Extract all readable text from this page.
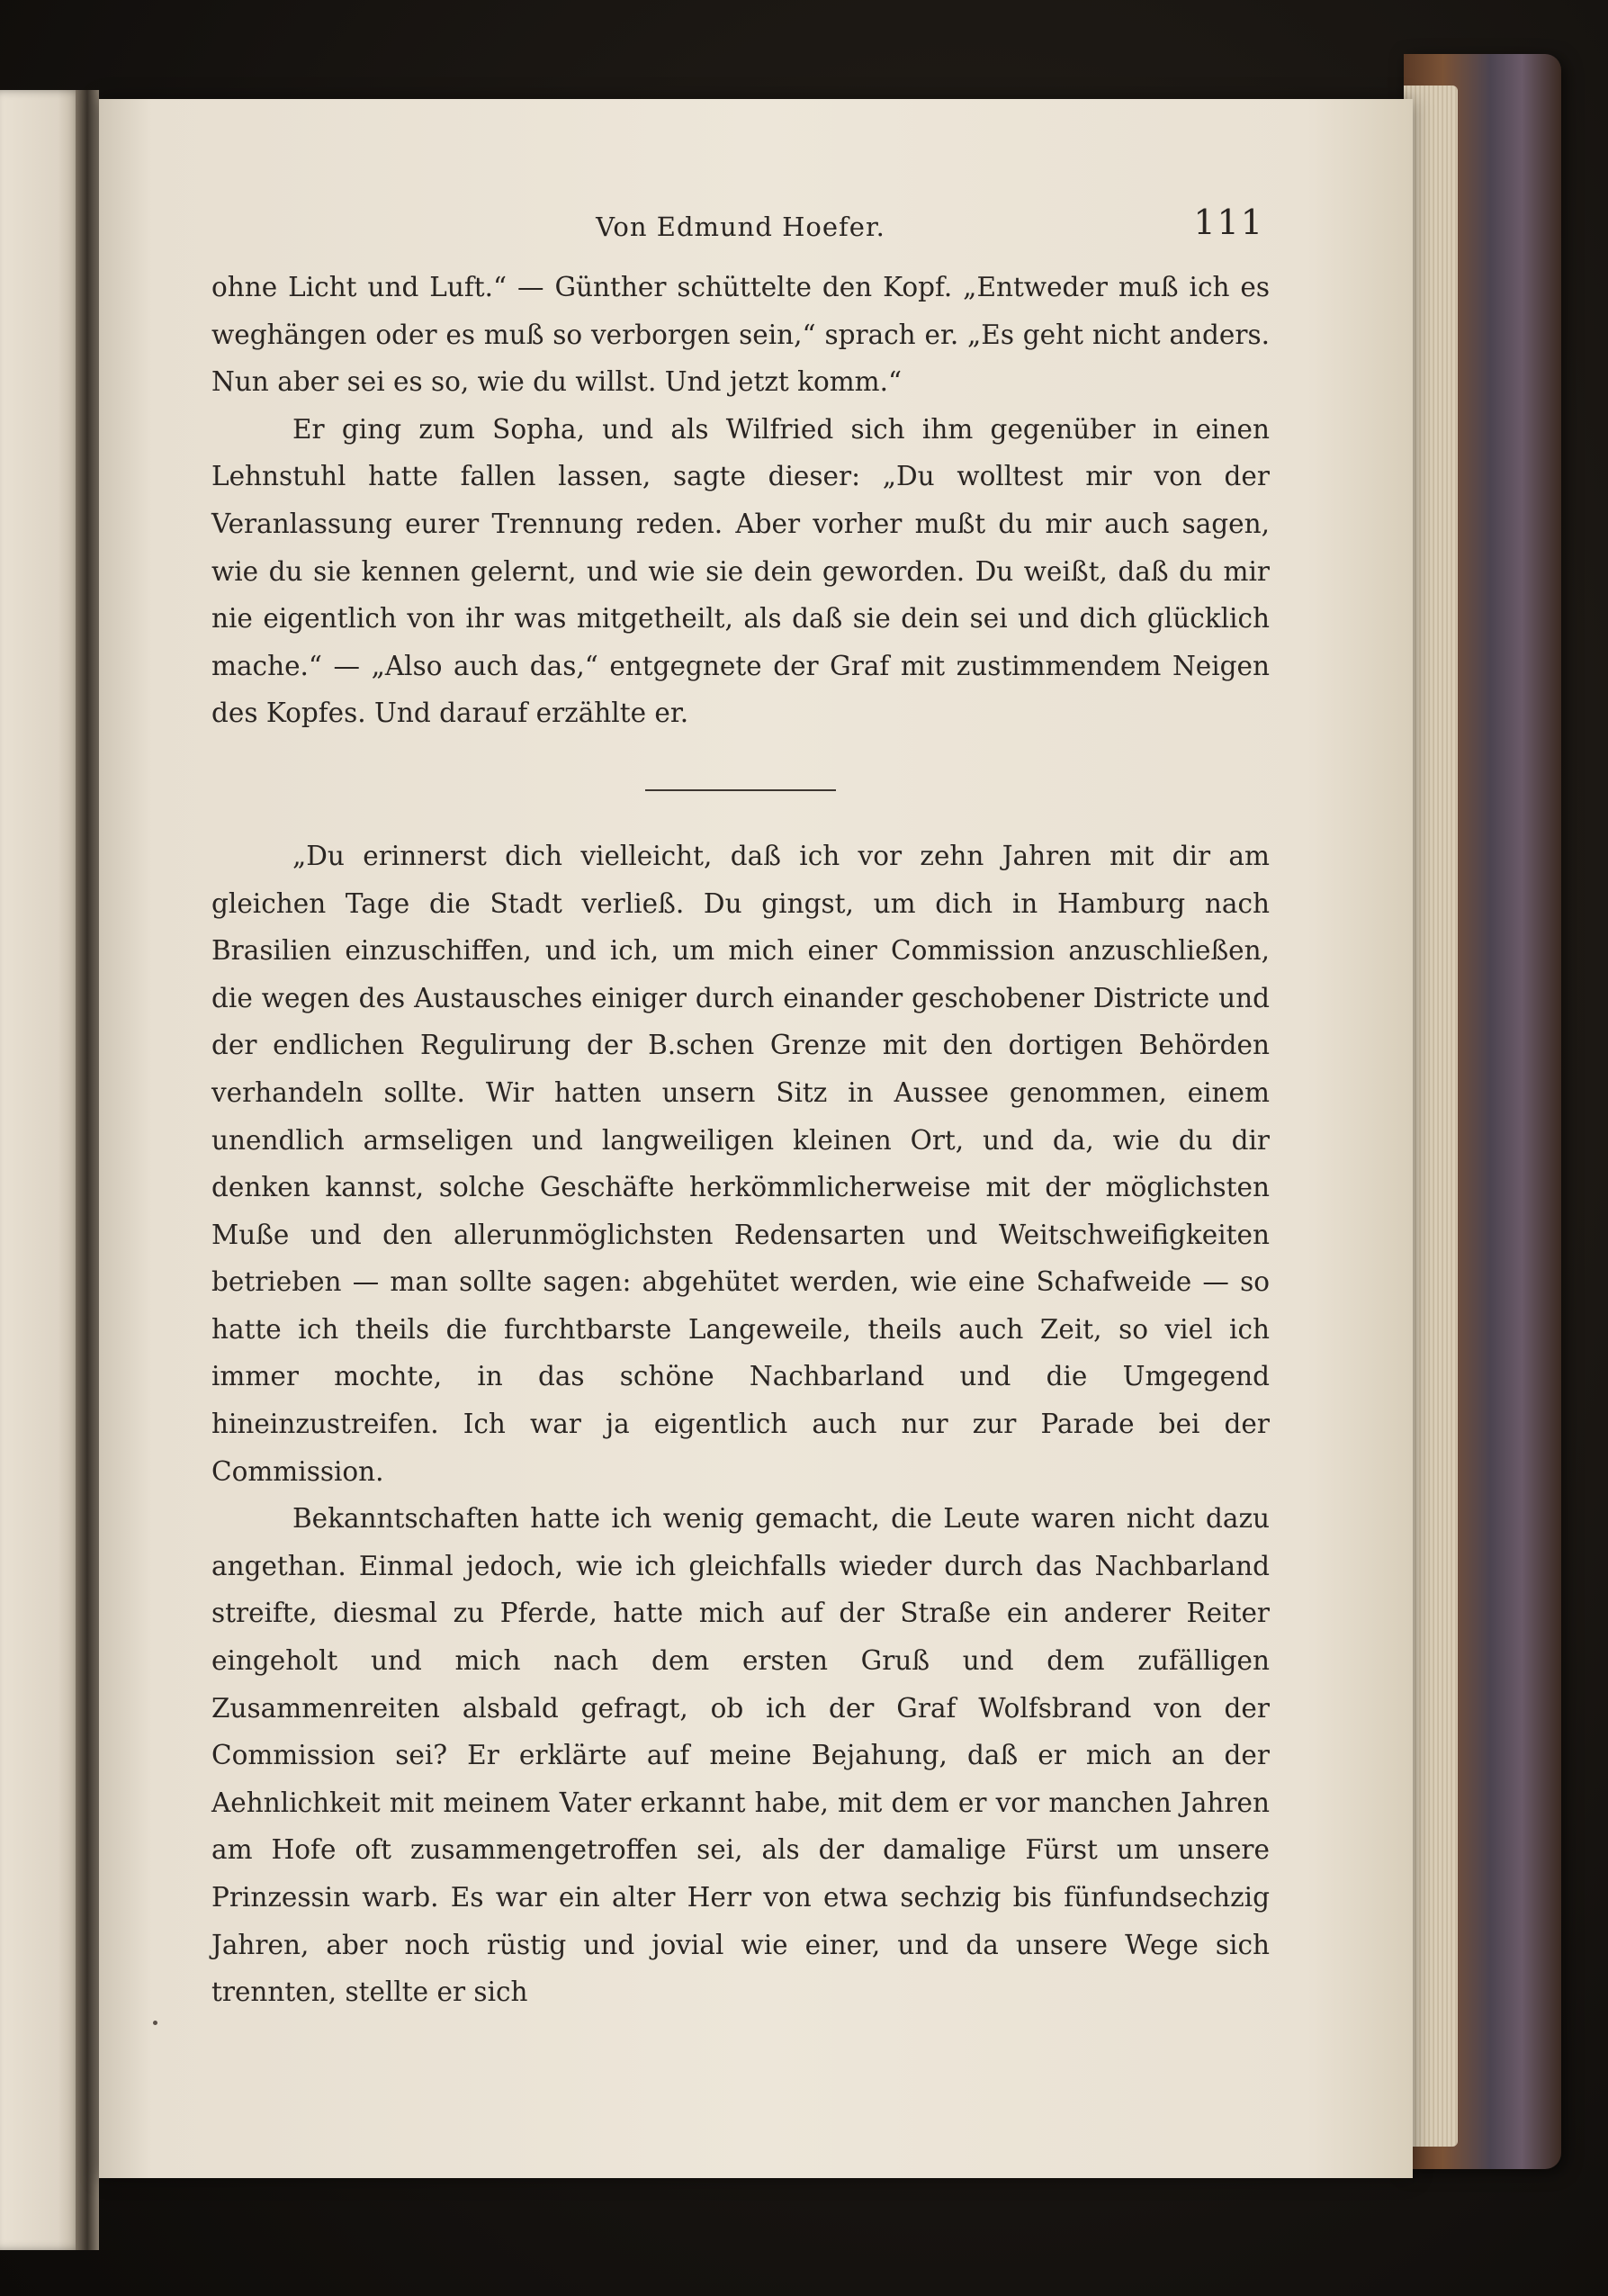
Von Edmund Hoefer.	111

ohne Licht und Luft.“ — Günther schüttelte den Kopf. „Entweder muß ich es weghängen oder es muß so verborgen sein,“ sprach er. „Es geht nicht anders. Nun aber sei es so, wie du willst. Und jetzt komm.“

Er ging zum Sopha, und als Wilfried sich ihm gegenüber in einen Lehnstuhl hatte fallen lassen, sagte dieser: „Du wolltest mir von der Veranlassung eurer Trennung reden. Aber vorher mußt du mir auch sagen, wie du sie kennen gelernt, und wie sie dein geworden. Du weißt, daß du mir nie eigentlich von ihr was mitgetheilt, als daß sie dein sei und dich glücklich mache.“ — „Also auch das,“ entgegnete der Graf mit zustimmendem Neigen des Kopfes. Und darauf erzählte er.

„Du erinnerst dich vielleicht, daß ich vor zehn Jahren mit dir am gleichen Tage die Stadt verließ. Du gingst, um dich in Hamburg nach Brasilien einzuschiffen, und ich, um mich einer Commission anzuschließen, die wegen des Austausches einiger durch einander geschobener Districte und der endlichen Regulirung der B.schen Grenze mit den dortigen Behörden verhandeln sollte. Wir hatten unsern Sitz in Aussee genommen, einem unendlich armseligen und langweiligen kleinen Ort, und da, wie du dir denken kannst, solche Geschäfte herkömmlicherweise mit der möglichsten Muße und den allerunmöglichsten Redensarten und Weitschweifigkeiten betrieben — man sollte sagen: abgehütet werden, wie eine Schafweide — so hatte ich theils die furchtbarste Langeweile, theils auch Zeit, so viel ich immer mochte, in das schöne Nachbarland und die Umgegend hineinzustreifen. Ich war ja eigentlich auch nur zur Parade bei der Commission.

Bekanntschaften hatte ich wenig gemacht, die Leute waren nicht dazu angethan. Einmal jedoch, wie ich gleichfalls wieder durch das Nachbarland streifte, diesmal zu Pferde, hatte mich auf der Straße ein anderer Reiter eingeholt und mich nach dem ersten Gruß und dem zufälligen Zusammenreiten alsbald gefragt, ob ich der Graf Wolfsbrand von der Commission sei? Er erklärte auf meine Bejahung, daß er mich an der Aehnlichkeit mit meinem Vater erkannt habe, mit dem er vor manchen Jahren am Hofe oft zusammengetroffen sei, als der damalige Fürst um unsere Prinzessin warb. Es war ein alter Herr von etwa sechzig bis fünfundsechzig Jahren, aber noch rüstig und jovial wie einer, und da unsere Wege sich trennten, stellte er sich
